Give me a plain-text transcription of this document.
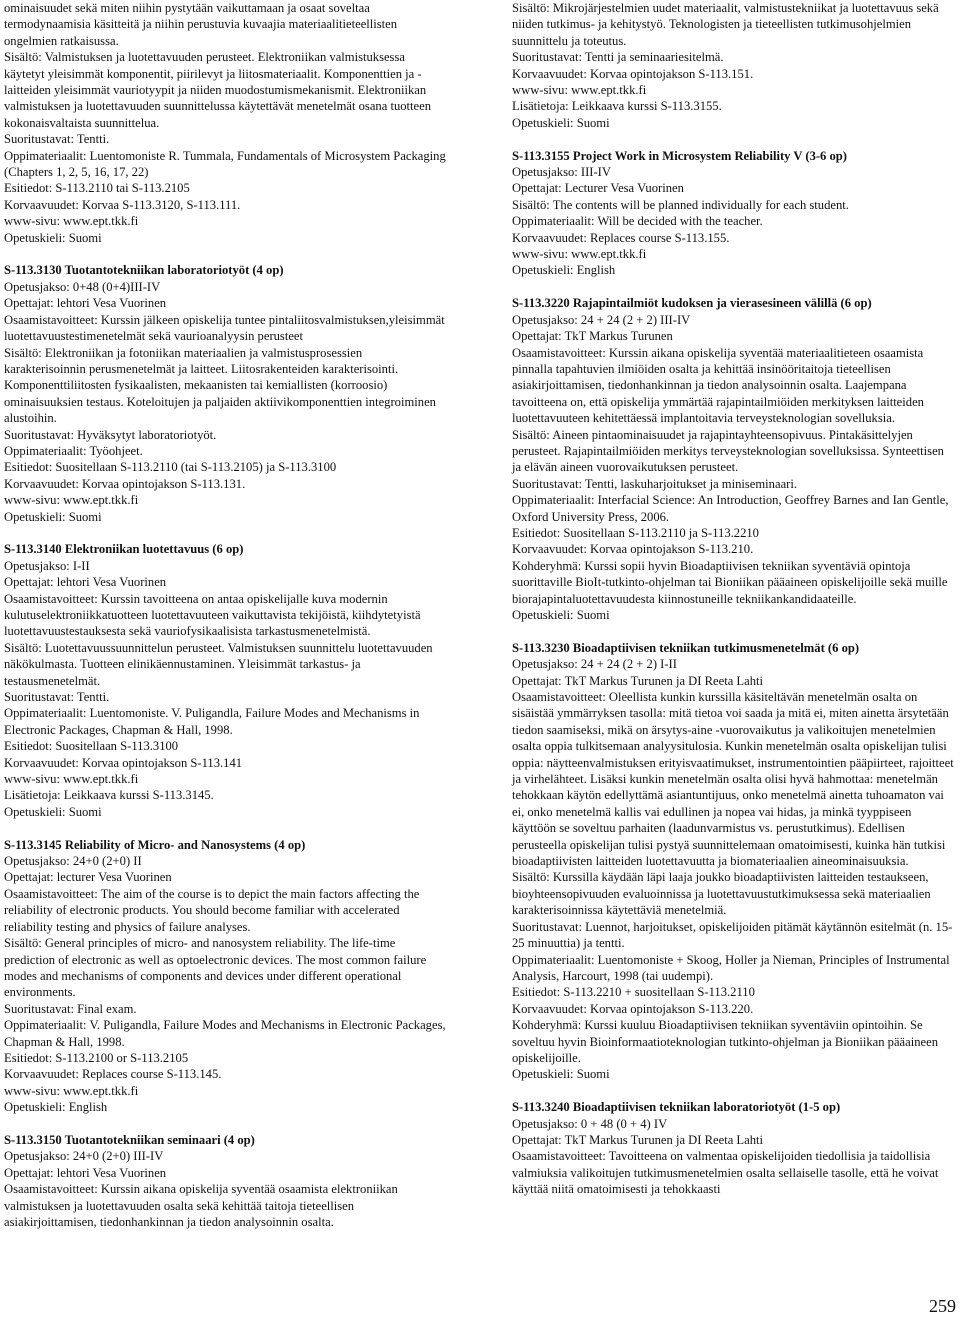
ominaisuudet sekä miten niihin pystytään vaikuttamaan ja osaat soveltaa termodynaamisia käsitteitä ja niihin perustuvia kuvaajia materiaalitieteellisten ongelmien ratkaisussa.
Sisältö: Valmistuksen ja luotettavuuden perusteet. Elektroniikan valmistuksessa käytetyt yleisimmät komponentit, piirilevyt ja liitosmateriaalit. Komponenttien ja -laitteiden yleisimmät vauriotyypit ja niiden muodostumismekanismit. Elektroniikan valmistuksen ja luotettavuuden suunnittelussa käytettävät menetelmät osana tuotteen kokonaisvaltaista suunnittelua.
Suoritustavat: Tentti.
Oppimateriaalit: Luentomoniste R. Tummala, Fundamentals of Microsystem Packaging (Chapters 1, 2, 5, 16, 17, 22)
Esitiedot: S-113.2110 tai S-113.2105
Korvaavuudet: Korvaa S-113.3120, S-113.111.
www-sivu: www.ept.tkk.fi
Opetuskieli: Suomi
S-113.3130 Tuotantotekniikan laboratoriotyöt (4 op)
Opetusjakso: 0+48 (0+4)III-IV
Opettajat: lehtori Vesa Vuorinen
Osaamistavoitteet: Kurssin jälkeen opiskelija tuntee pintaliitosvalmistuksen,yleisimmät luotettavuustestimenetelmät sekä vaurioanalyysin perusteet
Sisältö: Elektroniikan ja fotoniikan materiaalien ja valmistusprosessien karakterisoinnin perusmenetelmät ja laitteet. Liitosrakenteiden karakterisointi. Komponenttiliitosten fysikaalisten, mekaanisten tai kemiallisten (korroosio) ominaisuuksien testaus. Koteloitujen ja paljaiden aktiivikomponenttien integroiminen alustoihin.
Suoritustavat: Hyväksytyt laboratoriotyöt.
Oppimateriaalit: Työohjeet.
Esitiedot: Suositellaan S-113.2110 (tai S-113.2105) ja S-113.3100
Korvaavuudet: Korvaa opintojakson S-113.131.
www-sivu: www.ept.tkk.fi
Opetuskieli: Suomi
S-113.3140 Elektroniikan luotettavuus (6 op)
Opetusjakso: I-II
Opettajat: lehtori Vesa Vuorinen
Osaamistavoitteet: Kurssin tavoitteena on antaa opiskelijalle kuva modernin kulutuselektroniikkatuotteen luotettavuuteen vaikuttavista tekijöistä, kiihdytetyistä luotettavuustestauksesta sekä vauriofysikaalisista tarkastusmenetelmistä.
Sisältö: Luotettavuussuunnittelun perusteet. Valmistuksen suunnittelu luotettavuuden näkökulmasta. Tuotteen elinikäennustaminen. Yleisimmät tarkastus- ja testausmenetelmät.
Suoritustavat: Tentti.
Oppimateriaalit: Luentomoniste. V. Puligandla, Failure Modes and Mechanisms in Electronic Packages, Chapman & Hall, 1998.
Esitiedot: Suositellaan S-113.3100
Korvaavuudet: Korvaa opintojakson S-113.141
www-sivu: www.ept.tkk.fi
Lisätietoja: Leikkaava kurssi S-113.3145.
Opetuskieli: Suomi
S-113.3145 Reliability of Micro- and Nanosystems (4 op)
Opetusjakso: 24+0 (2+0) II
Opettajat: lecturer Vesa Vuorinen
Osaamistavoitteet: The aim of the course is to depict the main factors affecting the reliability of electronic products. You should become familiar with accelerated reliability testing and physics of failure analyses.
Sisältö: General principles of micro- and nanosystem reliability. The life-time prediction of electronic as well as optoelectronic devices. The most common failure modes and mechanisms of components and devices under different operational environments.
Suoritustavat: Final exam.
Oppimateriaalit: V. Puligandla, Failure Modes and Mechanisms in Electronic Packages, Chapman & Hall, 1998.
Esitiedot: S-113.2100 or S-113.2105
Korvaavuudet: Replaces course S-113.145.
www-sivu: www.ept.tkk.fi
Opetuskieli: English
S-113.3150 Tuotantotekniikan seminaari (4 op)
Opetusjakso: 24+0 (2+0) III-IV
Opettajat: lehtori Vesa Vuorinen
Osaamistavoitteet: Kurssin aikana opiskelija syventää osaamista elektroniikan valmistuksen ja luotettavuuden osalta sekä kehittää taitoja tieteellisen asiakirjoittamisen, tiedonhankinnan ja tiedon analysoinnin osalta.
Sisältö: Mikrojärjestelmien uudet materiaalit, valmistustekniikat ja luotettavuus sekä niiden tutkimus- ja kehitystyö. Teknologisten ja tieteellisten tutkimusohjelmien suunnittelu ja toteutus.
Suoritustavat: Tentti ja seminaariesitelmä.
Korvaavuudet: Korvaa opintojakson S-113.151.
www-sivu: www.ept.tkk.fi
Lisätietoja: Leikkaava kurssi S-113.3155.
Opetuskieli: Suomi
S-113.3155 Project Work in Microsystem Reliability V (3-6 op)
Opetusjakso: III-IV
Opettajat: Lecturer Vesa Vuorinen
Sisältö: The contents will be planned individually for each student.
Oppimateriaalit: Will be decided with the teacher.
Korvaavuudet: Replaces course S-113.155.
www-sivu: www.ept.tkk.fi
Opetuskieli: English
S-113.3220 Rajapintailmiöt kudoksen ja vierasesineen välillä (6 op)
Opetusjakso: 24 + 24 (2 + 2) III-IV
Opettajat: TkT Markus Turunen
Osaamistavoitteet: Kurssin aikana opiskelija syventää materiaalitieteen osaamista pinnalla tapahtuvien ilmiöiden osalta ja kehittää insinööritaitoja tieteellisen asiakirjoittamisen, tiedonhankinnan ja tiedon analysoinnin osalta. Laajempana tavoitteena on, että opiskelija ymmärtää rajapintailmiöiden merkityksen laitteiden luotettavuuteen kehitettäessä implantoitavia terveysteknologian sovelluksia.
Sisältö: Aineen pintaominaisuudet ja rajapintayhteensopivuus. Pintakäsittelyjen perusteet. Rajapintailmiöiden merkitys terveysteknologian sovelluksissa. Synteettisen ja elävän aineen vuorovaikutuksen perusteet.
Suoritustavat: Tentti, laskuharjoitukset ja miniseminaari.
Oppimateriaalit: Interfacial Science: An Introduction, Geoffrey Barnes and Ian Gentle, Oxford University Press, 2006.
Esitiedot: Suositellaan S-113.2110 ja S-113.2210
Korvaavuudet: Korvaa opintojakson S-113.210.
Kohderyhmä: Kurssi sopii hyvin Bioadaptiivisen tekniikan syventäviä opintoja suorittaville BioIt-tutkinto-ohjelman tai Bioniikan pääaineen opiskelijoille sekä muille biorajapintaluotettavuudesta kiinnostuneille tekniikankandidaateille.
Opetuskieli: Suomi
S-113.3230 Bioadaptiivisen tekniikan tutkimusmenetelmät (6 op)
Opetusjakso: 24 + 24 (2 + 2) I-II
Opettajat: TkT Markus Turunen ja DI Reeta Lahti
Osaamistavoitteet: Oleellista kunkin kurssilla käsiteltävän menetelmän osalta on sisäistää ymmärryksen tasolla: mitä tietoa voi saada ja mitä ei, miten ainetta ärsytetään tiedon saamiseksi, mikä on ärsytys-aine -vuorovaikutus ja valikoitujen menetelmien osalta oppia tulkitsemaan analyysitulosia. Kunkin menetelmän osalta opiskelijan tulisi oppia: näytteenvalmistuksen erityisvaatimukset, instrumentointien pääpiirteet, rajoitteet ja virhelähteet. Lisäksi kunkin menetelmän osalta olisi hyvä hahmottaa: menetelmän tehokkaan käytön edellyttämä asiantuntijuus, onko menetelmä ainetta tuhoamaton vai ei, onko menetelmä kallis vai edullinen ja nopea vai hidas, ja minkä tyyppiseen käyttöön se soveltuu parhaiten (laadunvarmistus vs. perustutkimus). Edellisen perusteella opiskelijan tulisi pystyä suunnittelemaan omatoimisesti, kuinka hän tutkisi bioadaptiivisten laitteiden luotettavuutta ja biomateriaalien aineominaisuuksia.
Sisältö: Kurssilla käydään läpi laaja joukko bioadaptiivisten laitteiden testaukseen, bioyhteensopivuuden evaluoinnissa ja luotettavuustutkimuksessa sekä materiaalien karakterisoinnissa käytettäviä menetelmiä.
Suoritustavat: Luennot, harjoitukset, opiskelijoiden pitämät käytännön esitelmät (n. 15-25 minuuttia) ja tentti.
Oppimateriaalit: Luentomoniste + Skoog, Holler ja Nieman, Principles of Instrumental Analysis, Harcourt, 1998 (tai uudempi).
Esitiedot: S-113.2210 + suositellaan S-113.2110
Korvaavuudet: Korvaa opintojakson S-113.220.
Kohderyhmä: Kurssi kuuluu Bioadaptiivisen tekniikan syventäviin opintoihin. Se soveltuu hyvin Bioinformaatioteknologian tutkinto-ohjelman ja Bioniikan pääaineen opiskelijoille.
Opetuskieli: Suomi
S-113.3240 Bioadaptiivisen tekniikan laboratoriotyöt (1-5 op)
Opetusjakso: 0 + 48 (0 + 4) IV
Opettajat: TkT Markus Turunen ja DI Reeta Lahti
Osaamistavoitteet: Tavoitteena on valmentaa opiskelijoiden tiedollisia ja taidollisia valmiuksia valikoitujen tutkimusmenetelmien osalta sellaiselle tasolle, että he voivat käyttää niitä omatoimisesti ja tehokkaasti
259
